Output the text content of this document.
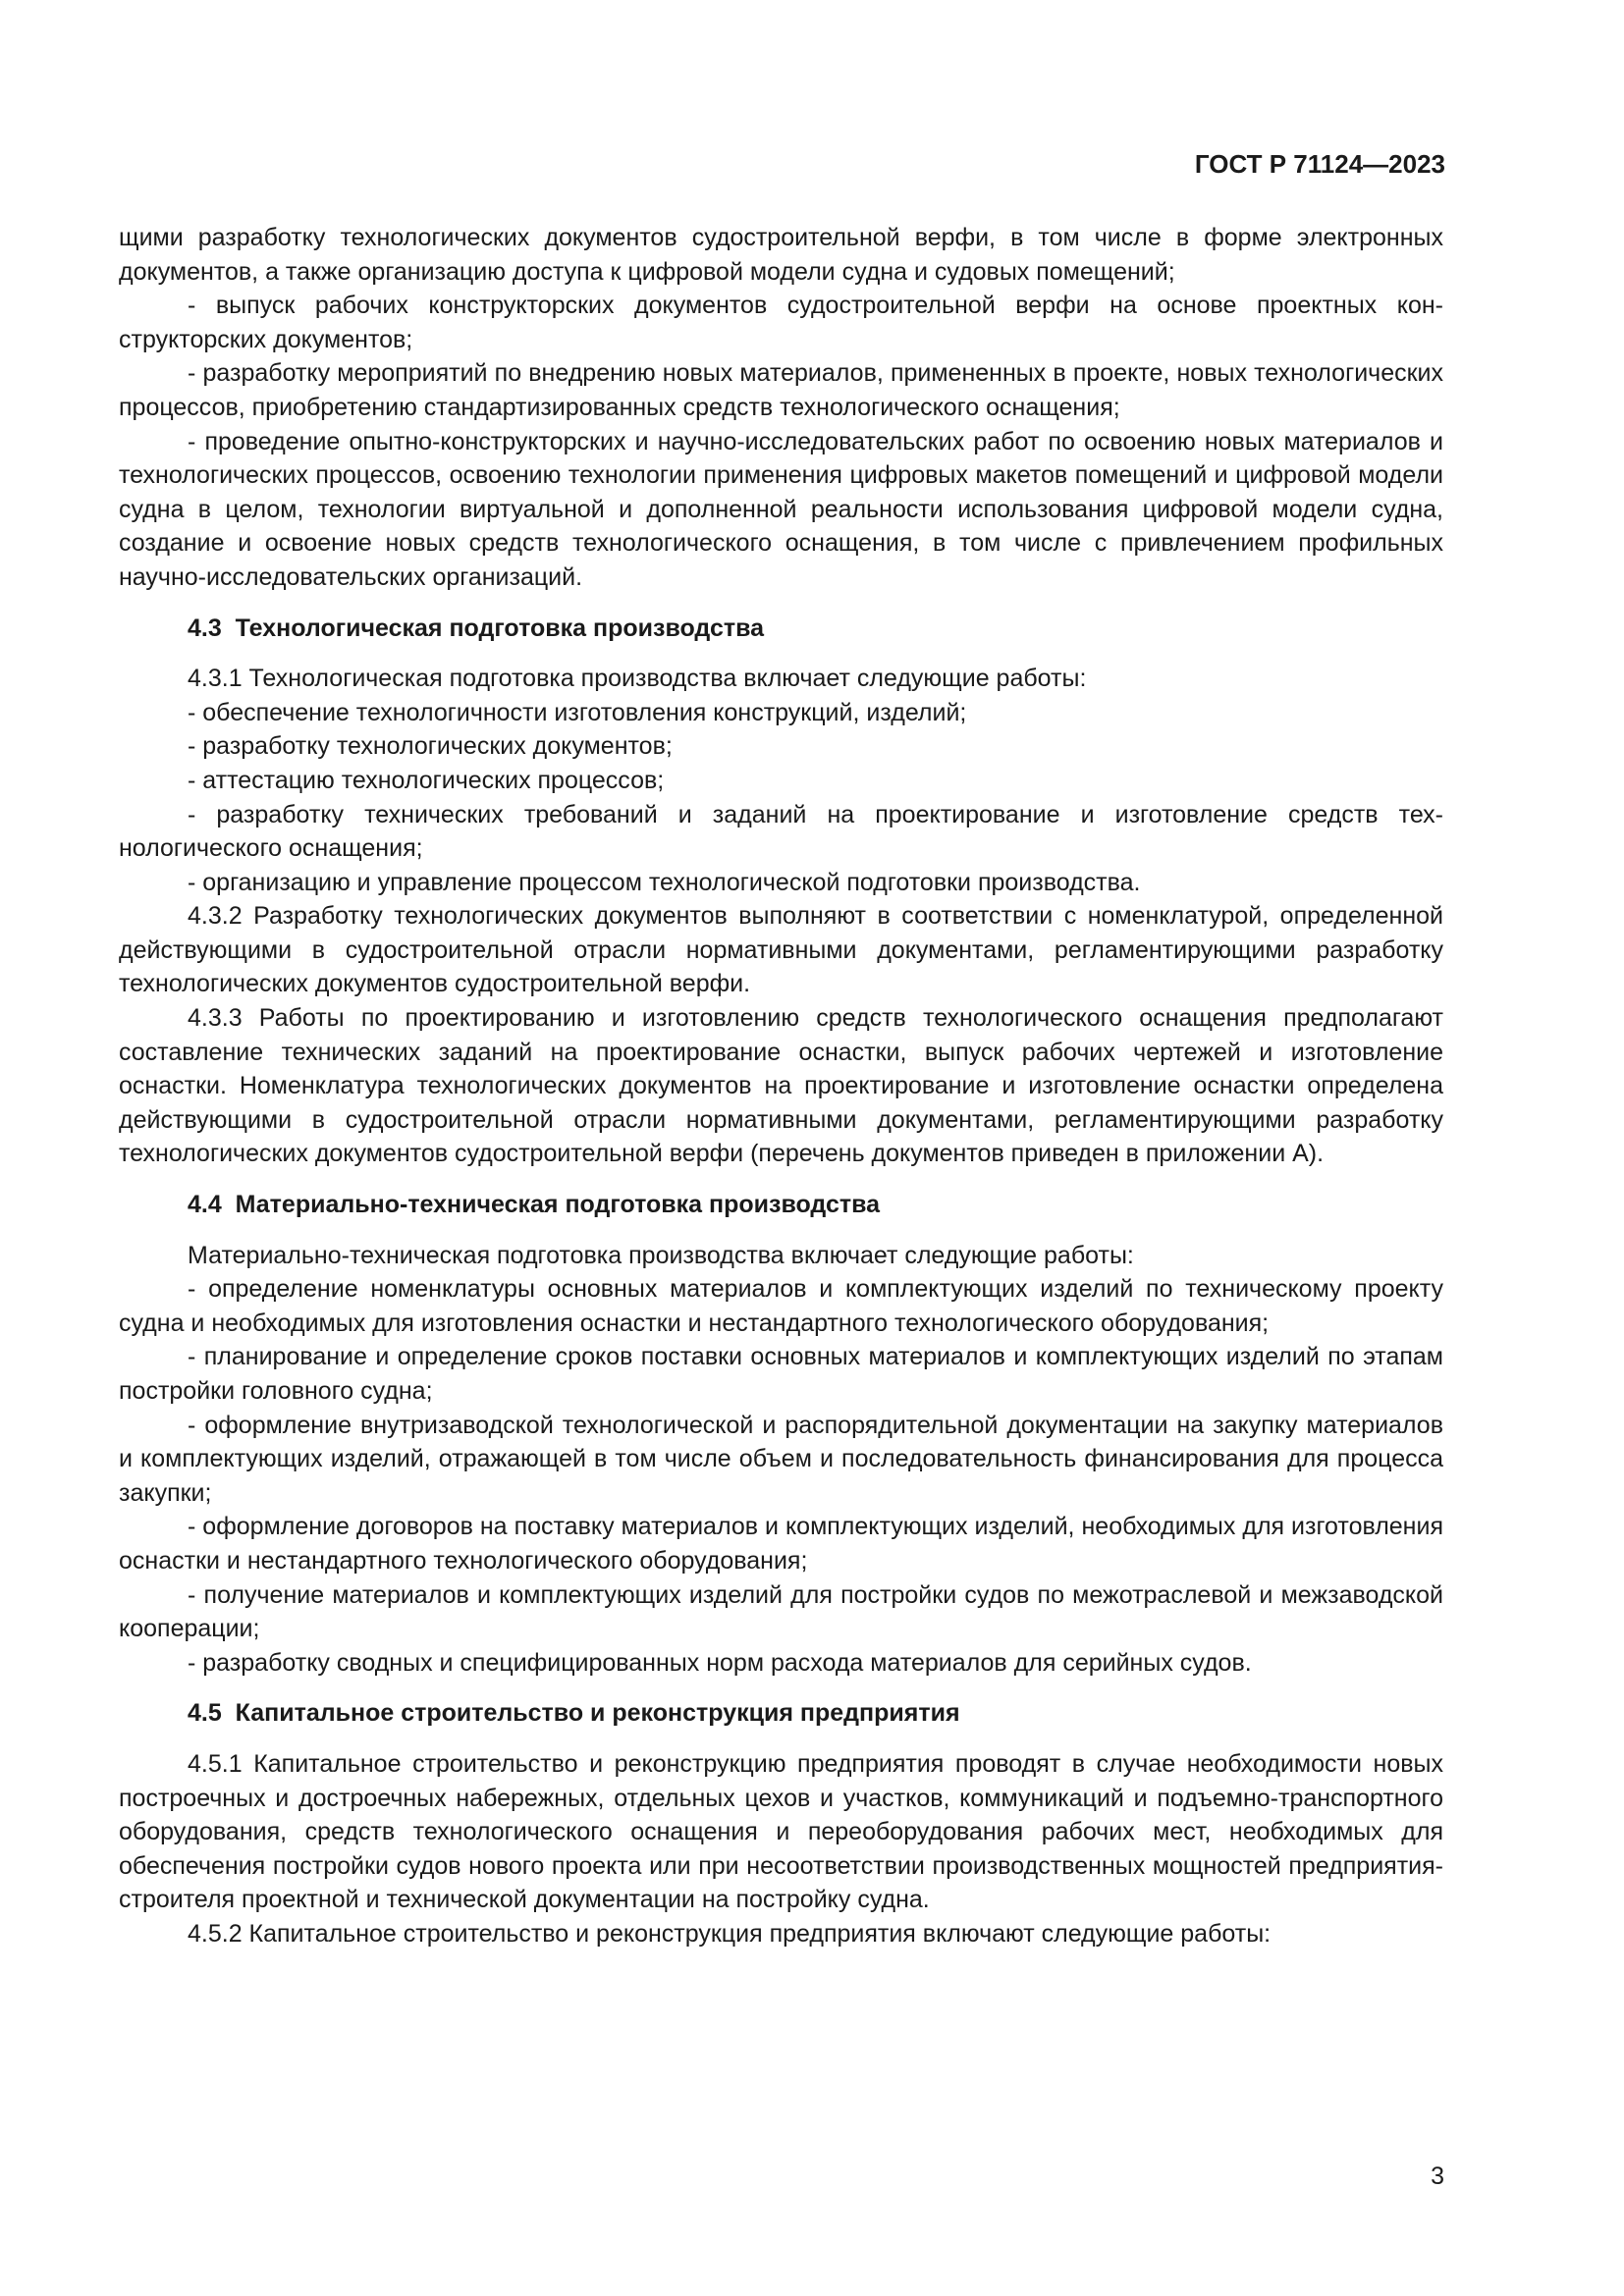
ГОСТ Р 71124—2023

щими разработку технологических документов судостроительной верфи, в том числе в форме электронных документов, а также организацию доступа к цифровой модели судна и судовых помещений;

- выпуск рабочих конструкторских документов судостроительной верфи на основе проектных конструкторских документов;

- разработку мероприятий по внедрению новых материалов, примененных в проекте, новых технологических процессов, приобретению стандартизированных средств технологического оснащения;

- проведение опытно-конструкторских и научно-исследовательских работ по освоению новых материалов и технологических процессов, освоению технологии применения цифровых макетов помещений и цифровой модели судна в целом, технологии виртуальной и дополненной реальности использования цифровой модели судна, создание и освоение новых средств технологического оснащения, в том числе с привлечением профильных научно-исследовательских организаций.

4.3  Технологическая подготовка производства

4.3.1 Технологическая подготовка производства включает следующие работы:

- обеспечение технологичности изготовления конструкций, изделий;

- разработку технологических документов;

- аттестацию технологических процессов;

- разработку технических требований и заданий на проектирование и изготовление средств технологического оснащения;

- организацию и управление процессом технологической подготовки производства.

4.3.2 Разработку технологических документов выполняют в соответствии с номенклатурой, определенной действующими в судостроительной отрасли нормативными документами, регламентирующими разработку технологических документов судостроительной верфи.

4.3.3 Работы по проектированию и изготовлению средств технологического оснащения предполагают составление технических заданий на проектирование оснастки, выпуск рабочих чертежей и изготовление оснастки. Номенклатура технологических документов на проектирование и изготовление оснастки определена действующими в судостроительной отрасли нормативными документами, регламентирующими разработку технологических документов судостроительной верфи (перечень документов приведен в приложении А).

4.4  Материально-техническая подготовка производства

Материально-техническая подготовка производства включает следующие работы:

- определение номенклатуры основных материалов и комплектующих изделий по техническому проекту судна и необходимых для изготовления оснастки и нестандартного технологического оборудования;

- планирование и определение сроков поставки основных материалов и комплектующих изделий по этапам постройки головного судна;

- оформление внутризаводской технологической и распорядительной документации на закупку материалов и комплектующих изделий, отражающей в том числе объем и последовательность финансирования для процесса закупки;

- оформление договоров на поставку материалов и комплектующих изделий, необходимых для изготовления оснастки и нестандартного технологического оборудования;

- получение материалов и комплектующих изделий для постройки судов по межотраслевой и межзаводской кооперации;

- разработку сводных и специфицированных норм расхода материалов для серийных судов.

4.5  Капитальное строительство и реконструкция предприятия

4.5.1 Капитальное строительство и реконструкцию предприятия проводят в случае необходимости новых построечных и достроечных набережных, отдельных цехов и участков, коммуникаций и подъемно-транспортного оборудования, средств технологического оснащения и переоборудования рабочих мест, необходимых для обеспечения постройки судов нового проекта или при несоответствии производственных мощностей предприятия-строителя проектной и технической документации на постройку судна.

4.5.2 Капитальное строительство и реконструкция предприятия включают следующие работы:

3
